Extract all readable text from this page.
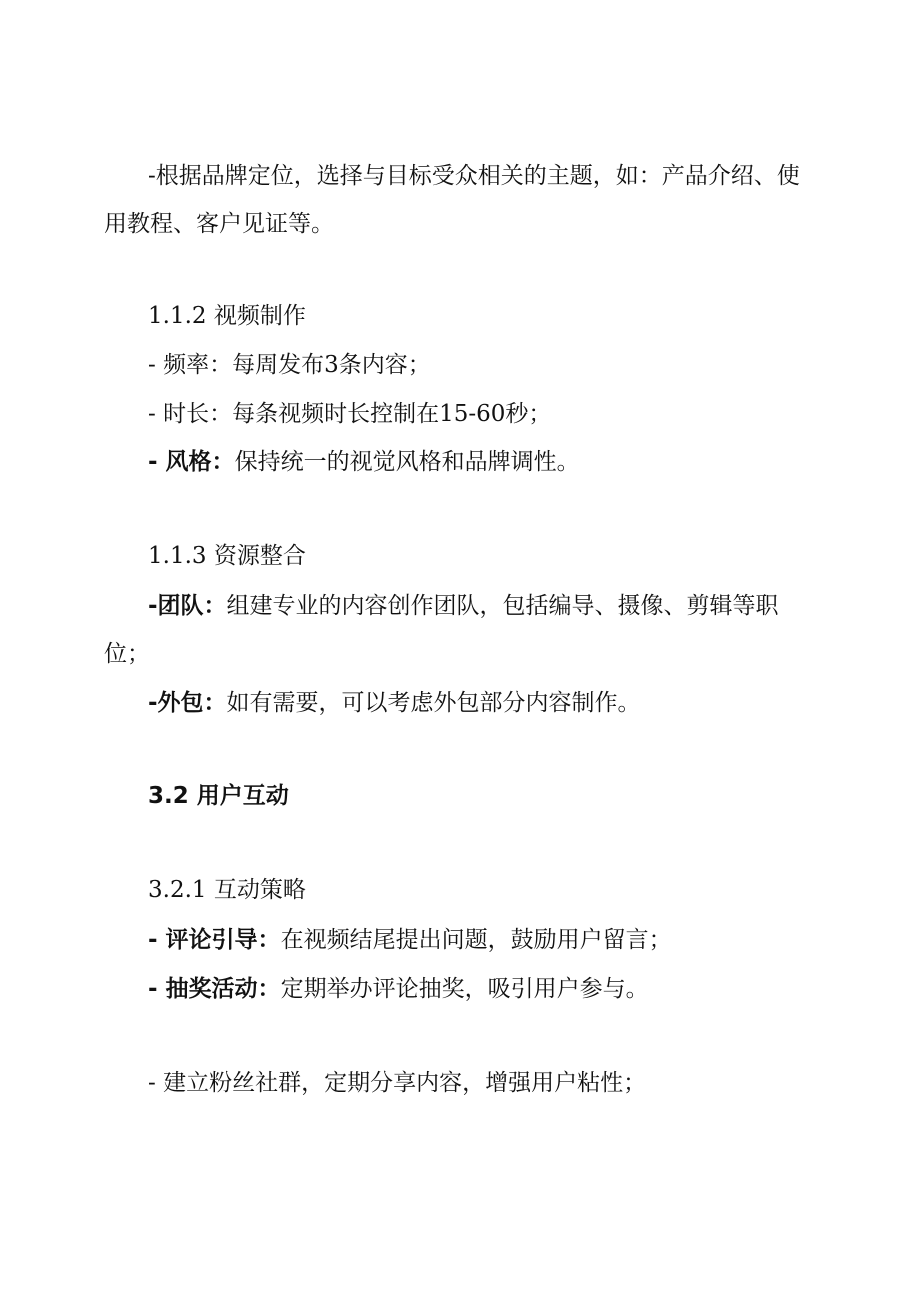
-根据品牌定位，选择与目标受众相关的主题，如：产品介绍、使

用教程、客户见证等。

1.1.2 视频制作

- 频率：每周发布3条内容；

- 时长：每条视频时长控制在15-60秒；

- 风格：保持统一的视觉风格和品牌调性。

1.1.3 资源整合

-团队：组建专业的内容创作团队，包括编导、摄像、剪辑等职

位；

-外包：如有需要，可以考虑外包部分内容制作。

3.2 用户互动

3.2.1 互动策略

- 评论引导：在视频结尾提出问题，鼓励用户留言；

- 抽奖活动：定期举办评论抽奖，吸引用户参与。

- 建立粉丝社群，定期分享内容，增强用户粘性；
